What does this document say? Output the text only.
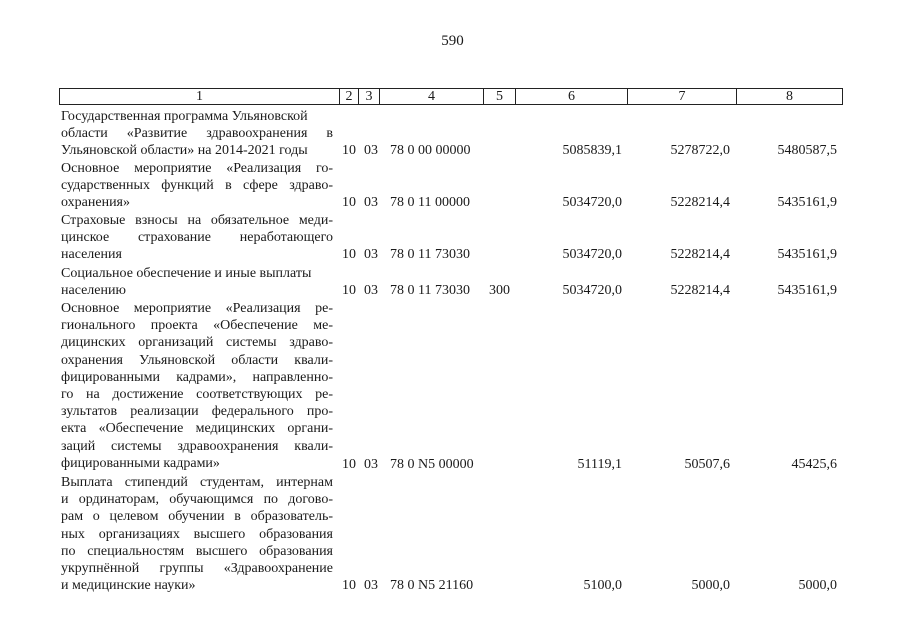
590
1	2 3	4	5	6	7	8
Государственная программа Ульяновской
области «Развитие здравоохранения в
Ульяновской области» на 2014-2021 годы	10 03 78 0 00 00000	5085839,1	5278722,0	5480587,5
Основное мероприятие «Реализация го-
сударственных функций в сфере здраво-
охранения»	10 03 78 0 11 00000	5034720,0	5228214,4	5435161,9
Страховые взносы на обязательное меди-
цинское страхование неработающего
населения	10 03 78 0 11 73030	5034720,0	5228214,4	5435161,9
Социальное обеспечение и иные выплаты
населению	10 03 78 0 11 73030 300	5034720,0	5228214,4	5435161,9
Основное мероприятие «Реализация ре-
гионального проекта «Обеспечение ме-
дицинских организаций системы здраво-
охранения Ульяновской области квали-
фицированными кадрами», направленно-
го на достижение соответствующих ре-
зультатов реализации федерального про-
екта «Обеспечение медицинских органи-
заций системы здравоохранения квали-
фицированными кадрами»	10 03 78 0 N5 00000	51119,1	50507,6	45425,6
Выплата стипендий студентам, интернам
и ординаторам, обучающимся по догово-
рам о целевом обучении в образователь-
ных организациях высшего образования
по специальностям высшего образования
укрупнённой группы «Здравоохранение
и медицинские науки»	10 03 78 0 N5 21160	5100,0	5000,0	5000,0
